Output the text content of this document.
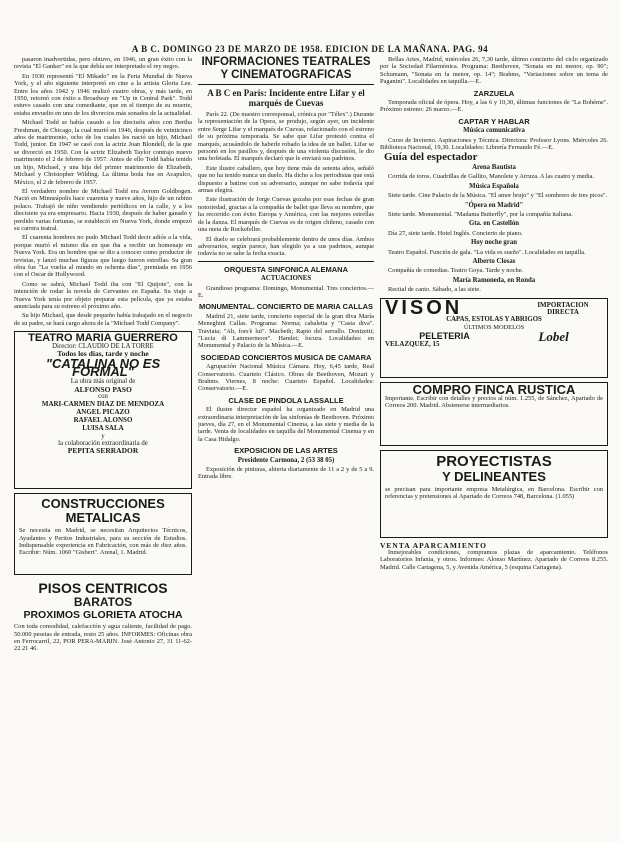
A B C. DOMINGO 23 DE MARZO DE 1958. EDICION DE LA MAÑANA. PAG. 94

pasaron inadvertidas, pero obtuvo, en 1946, un gran éxito con la revista "El Ganker" en la que debía ser interpretado el rey negro.

En 1930 representó "El Mikado" en la Feria Mundial de Nueva York, y el año siguiente interpretó en cine a la artista Gloria Lee. Entre los años 1942 y 1946 realizó cuatro obras, y más tarde, en 1950, retornó con éxito a Broadway en "Up in Central Park". Todd estuvo casado con una comediante, que en el tiempo de su muerte, estaba envuelto en uno de los divorcios más sonados de la actualidad.

Michael Todd se había casado a los dieciséis años con Bertha Freshman, de Chicago, la cual murió en 1946, después de veinticinco años de matrimonio, ocho de los cuales les nació un hijo, Michael Todd, junior. En 1947 se casó con la actriz Joan Blondell, de la que se divorció en 1950. Con la actriz Elizabeth Taylor contrajo nuevo matrimonio el 2 de febrero de 1957. Antes de ello Todd había tenido un hijo, Michael, y una hija del primer matrimonio de Elizabeth, Michael y Christopher Wilding. La última boda fue en Acapulco, México, el 2 de febrero de 1957.

El verdadero nombre de Michael Todd era Avrom Goldbogen. Nació en Minneápolis hace cuarenta y nueve años, hijo de un rabino polaco. Trabajó de niño vendiendo periódicos en la calle, y a los diecisiete ya era empresario. Hacia 1930, después de haber ganado y perdido varias fortunas, se estableció en Nueva York, donde empezó su carrera teatral.

El cuarenta hombres no pudo Michael Todd decir adiós a la vida, porque murió el mismo día en que iba a recibir un homenaje en Nueva York. Era un hombre que se dio a conocer como productor de revistas, y lanzó muchas figuras que luego fueron estrellas. Su gran obra fue "La vuelta al mundo en ochenta días", premiada en 1956 con el Oscar de Hollywood.

Como se sabrá, Michael Todd iba con "El Quijote", con la intención de rodar la novela de Cervantes en España. Su viaje a Nueva York tenía por objeto preparar esta película, que ya estaba anunciada para su estreno el próximo año.

Su hijo Michael, que desde pequeño había trabajado en el negocio de su padre, se hará cargo ahora de la "Michael Todd Company".

TEATRO MARIA GUERRERO
Director: CLAUDIO DE LA TORRE
Todos los días, tarde y noche
"CATALINA NO ES FORMAL"
La obra más original de
ALFONSO PASO
con
MARI-CARMEN DIAZ DE MENDOZA
ANGEL PICAZO
RAFAEL ALONSO
LUISA SALA
y
la colaboración extraordinaria de
PEPITA SERRADOR
CONSTRUCCIONES METALICAS
Se necesita en Madrid, se necesitan Arquitectos Técnicos, Ayudantes y Peritos Industriales, para su sección de Estudios. Indispensable experiencia en Fabricación, con más de diez años. Escribir: Núm. 1060 "Gisbert". Arenal, 1. Madrid.
PISOS CENTRICOS
BARATOS
PROXIMOS GLORIETA ATOCHA
Con toda comodidad, calefacción y agua caliente, facilidad de pago. 50.000 pesetas de entrada, resto 25 años. INFORMES: Oficinas obra en Ferrocarril, 22, POR PERA-MARIN. José Antonio 27, 31 11-62-22 21 46.
INFORMACIONES TEATRALES Y CINEMATOGRAFICAS
A B C en París: Incidente entre Lifar y el marqués de Cuevas

París 22. (De nuestro corresponsal, crónica por "Télex".) Durante la representación de la Opera, se produjo, según ayer, un incidente entre Serge Lifar y el marqués de Cuevas, relacionado con el estreno de su próxima temporada. Se sabe que Lifar protestó contra el marqués, acusándolo de haberle robado la idea de un ballet. Lifar se personó en los pasillos y, después de una violenta discusión, le dio una bofetada. El marqués declaró que le enviará sus padrinos.

Este ilustre caballero, que hoy tiene más de setenta años, señaló que no ha tenido nunca un duelo. Ha dicho a los periodistas que está dispuesto a batirse con su adversario, aunque no sabe todavía qué armas elegirá.

Este ilustración de Jorge Cuevas gozaba por esas fechas de gran notoriedad, gracias a la compañía de ballet que lleva su nombre, que ha recorrido con éxito Europa y América, con las mejores estrellas de la danza. El marqués de Cuevas es de origen chileno, casado con una nieta de Rockefeller.

El duelo se celebrará probablemente dentro de unos días. Ambos adversarios, según parece, han elegido ya a sus padrinos, aunque todavía no se sabe la fecha exacta.

ORQUESTA SINFONICA ALEMANA
ACTUACIONES

Grandioso programa: Domingo, Monumental. Tres conciertos.—E.

MONUMENTAL. CONCIERTO DE MARIA CALLAS

Madrid 21, siete tarde, concierto especial de la gran diva María Meneghini Callas. Programa: Norma; cabaletta y "Casta diva". Traviata; "Ah, fors'è lui". Macbeth; Rapto del serrallo. Donizetti; "Lucia di Lammermoor". Hamlet; locura. Localidades: en Monumental y Palacio de la Música.—E.

SOCIEDAD CONCIERTOS MUSICA DE CAMARA

Agrupación Nacional Música Cámara. Hoy, 6,45 tarde, Real Conservatorio. Cuarteto Clásico. Obras de Beethoven, Mozart y Brahms. Viernes, 8 noche: Cuarteto Español. Localidades: Conservatorio.—E.

CLASE DE PINDOLA LASSALLE

El ilustre director español ha organizado en Madrid una extraordinaria interpretación de las sinfonías de Beethoven. Próximo jueves, día 27, en el Monumental Cinema, a las siete y media de la tarde. Venta de localidades en taquilla del Monumental Cinema y en la Casa Hidalgo.

EXPOSICION DE LAS ARTES
Presidente Carmona, 2 (53 38 05)

Exposición de pinturas, abierta diariamente de 11 a 2 y de 5 a 9. Entrada libre.

Bellas Artes, Madrid, miércoles 26, 7,30 tarde, último concierto del ciclo organizado por la Sociedad Filarmónica. Programa: Beethoven, "Sonata en mi menor, op. 90"; Schumann, "Sonata en fa menor, op. 14"; Brahms, "Variaciones sobre un tema de Paganini". Localidades en taquilla.—E.

ZARZUELA

Temporada oficial de ópera. Hoy, a las 6 y 10,30, últimas funciones de "La Bohème". Próximo estreno: 26 marzo.—E.

CAPTAR Y HABLAR
Música comunicativa

Curso de Invierno. Aspiraciones y Técnica. Directora: Profesor Lyons. Miércoles 26. Biblioteca Nacional, 19,30. Localidades: Librería Fernando Fé.—E.

Guía del espectador
Arena Bautista

Corrida de toros. Cuadrillas de Gallito, Manolete y Arruza. A las cuatro y media.

Música Española

Siete tarde. Cine Palacio de la Música. "El amor brujo" y "El sombrero de tres picos".

"Ópera en Madrid"

Siete tarde. Monumental. "Madama Butterfly", por la compañía italiana.

Gta. en Castellón

Día 27, siete tarde. Hotel Inglés. Concierto de piano.

Hoy noche gran

Teatro Español. Función de gala. "La vida es sueño". Localidades en taquilla.

Alberto Closas

Compañía de comedias. Teatro Goya. Tarde y noche.

María Ramoneda, en Ronda

Recital de canto. Sábado, a las siete.

VISON	IMPORTACION DIRECTA
CAPAS, ESTOLAS Y ABRIGOS
ÚLTIMOS MODELOS
PELETERIA	Lobel
VELAZQUEZ, 15
COMPRO FINCA RUSTICA
Importante. Escribir con detalles y precios al núm. 1.255, de Sánchez, Apartado de Correos 200. Madrid. Abstenerse intermediarios.
PROYECTISTAS
Y DELINEANTES
se precisan para importante empresa Metalúrgica, en Barcelona. Escribir con referencias y pretensiones al Apartado de Correos 748, Barcelona. (1.055)
VENTA APARCAMIENTO

Inmejorables condiciones, compramos plazas de aparcamiento. Teléfonos Laboratorios Infanta, y otros. Informes: Alonso Martínez. Apartado de Correos 8.255. Madrid. Calle Cartagena, 5, y Avenida América, 5 (esquina Cartagena).
